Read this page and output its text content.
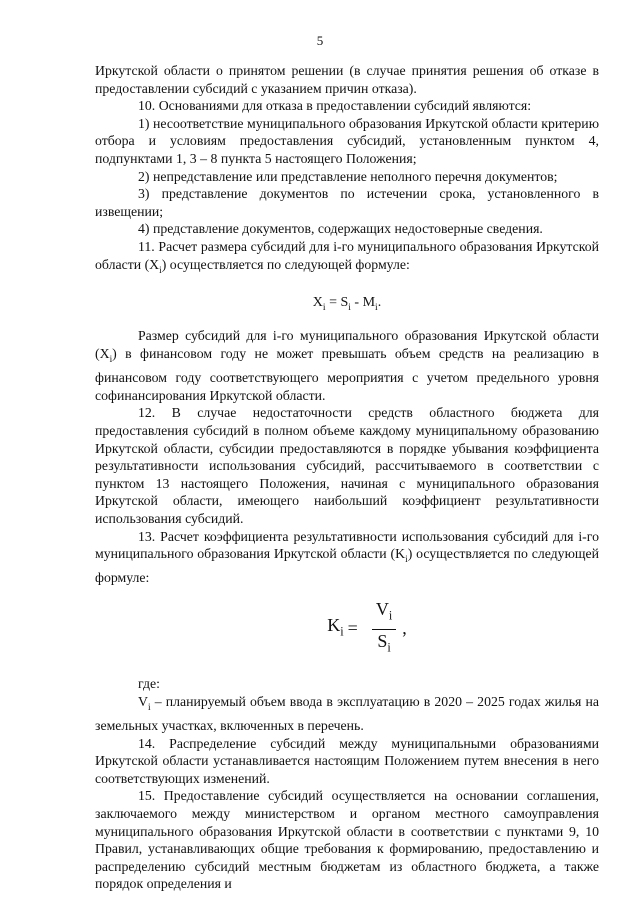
5

Иркутской области о принятом решении (в случае принятия решения об отказе в предоставлении субсидий с указанием причин отказа).

10. Основаниями для отказа в предоставлении субсидий являются:

1) несоответствие муниципального образования Иркутской области критерию отбора и условиям предоставления субсидий, установленным пунктом 4, подпунктами 1, 3 – 8 пункта 5 настоящего Положения;

2) непредставление или представление неполного перечня документов;

3) представление документов по истечении срока, установленного в извещении;

4) представление документов, содержащих недостоверные сведения.

11. Расчет размера субсидий для i-го муниципального образования Иркутской области $(X_i)$ осуществляется по следующей формуле:

$X_i = S_i - M_i$.

Размер субсидий для i-го муниципального образования Иркутской области $(X_i)$ в финансовом году не может превышать объем средств на реализацию в финансовом году соответствующего мероприятия с учетом предельного уровня софинансирования Иркутской области.

12. В случае недостаточности средств областного бюджета для предоставления субсидий в полном объеме каждому муниципальному образованию Иркутской области, субсидии предоставляются в порядке убывания коэффициента результативности использования субсидий, рассчитываемого в соответствии с пунктом 13 настоящего Положения, начиная с муниципального образования Иркутской области, имеющего наибольший коэффициент результативности использования субсидий.

13. Расчет коэффициента результативности использования субсидий для i-го муниципального образования Иркутской области $(K_i)$ осуществляется по следующей формуле:

$K_i = \frac{V_i}{S_i}$ ,

где:

$V_i$ – планируемый объем ввода в эксплуатацию в 2020 – 2025 годах жилья на земельных участках, включенных в перечень.

14. Распределение субсидий между муниципальными образованиями Иркутской области устанавливается настоящим Положением путем внесения в него соответствующих изменений.

15. Предоставление субсидий осуществляется на основании соглашения, заключаемого между министерством и органом местного самоуправления муниципального образования Иркутской области в соответствии с пунктами 9, 10 Правил, устанавливающих общие требования к формированию, предоставлению и распределению субсидий местным бюджетам из областного бюджета, а также порядок определения и
